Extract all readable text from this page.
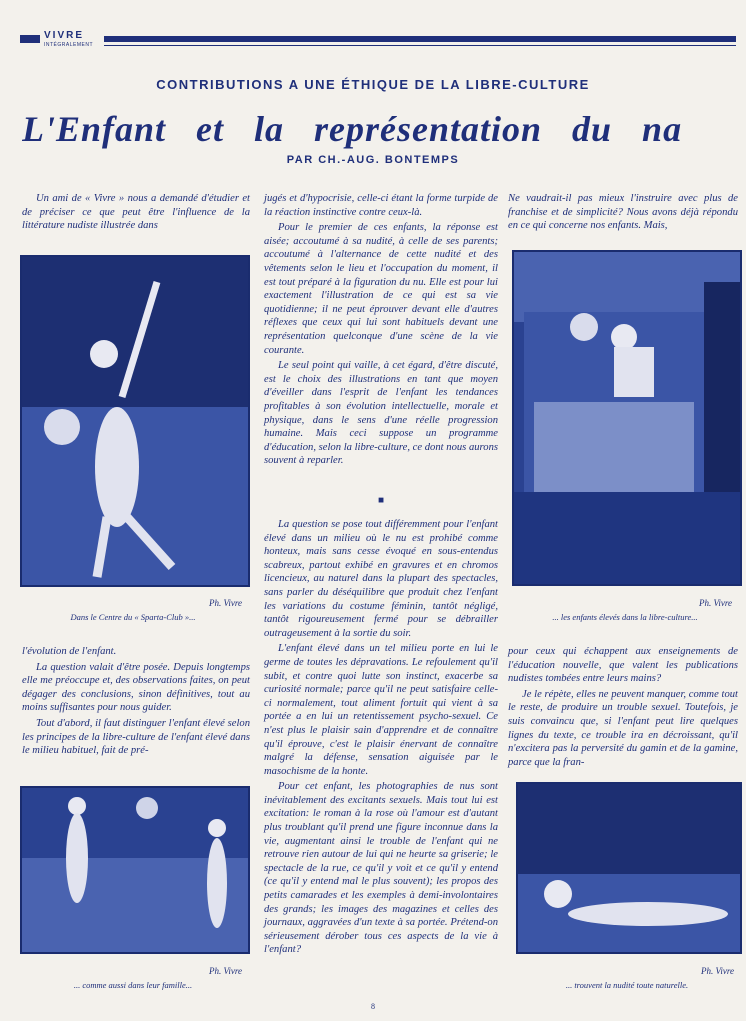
VIVRE
INTÉGRALEMENT
CONTRIBUTIONS A UNE ÉTHIQUE DE LA LIBRE-CULTURE
L'Enfant et la représentation du na
PAR CH.-AUG. BONTEMPS

Un ami de « Vivre » nous a demandé d'étudier et de préciser ce que peut être l'influence de la littérature nudiste illustrée dans

Ph. Vivre
Dans le Centre du « Sparta-Club »...

l'évolution de l'enfant.

La question valait d'être posée. Depuis longtemps elle me préoccupe et, des observations faites, on peut dégager des conclusions, sinon définitives, tout au moins suffisantes pour nous guider.

Tout d'abord, il faut distinguer l'enfant élevé selon les principes de la libre-culture de l'enfant élevé dans le milieu habituel, fait de pré-

Ph. Vivre
... comme aussi dans leur famille...

jugés et d'hypocrisie, celle-ci étant la forme turpide de la réaction instinctive contre ceux-là.

Pour le premier de ces enfants, la réponse est aisée; accoutumé à sa nudité, à celle de ses parents; accoutumé à l'alternance de cette nudité et des vêtements selon le lieu et l'occupation du moment, il est tout préparé à la figuration du nu. Elle est pour lui exactement l'illustration de ce qui est sa vie quotidienne; il ne peut éprouver devant elle d'autres réflexes que ceux qui lui sont habituels devant une représentation quelconque d'une scène de la vie courante.

Le seul point qui vaille, à cet égard, d'être discuté, est le choix des illustrations en tant que moyen d'éveiller dans l'esprit de l'enfant les tendances profitables à son évolution intellectuelle, morale et physique, dans le sens d'une réelle progression humaine. Mais ceci suppose un programme d'éducation, selon la libre-culture, ce dont nous aurons souvent à reparler.

■

La question se pose tout différemment pour l'enfant élevé dans un milieu où le nu est prohibé comme honteux, mais sans cesse évoqué en sous-entendus scabreux, partout exhibé en gravures et en chromos licencieux, au naturel dans la plupart des spectacles, sans parler du déséquilibre que produit chez l'enfant les variations du costume féminin, tantôt négligé, tantôt rigoureusement fermé pour se débrailler outrageusement à la sortie du soir.

L'enfant élevé dans un tel milieu porte en lui le germe de toutes les dépravations. Le refoulement qu'il subit, et contre quoi lutte son instinct, exacerbe sa curiosité normale; parce qu'il ne peut satisfaire celle-ci normalement, tout aliment fortuit qui vient à sa portée a en lui un retentissement psycho-sexuel. Ce n'est plus le plaisir sain d'apprendre et de connaître qu'il éprouve, c'est le plaisir énervant de connaître malgré la défense, sensation aiguisée par le masochisme de la honte.

Pour cet enfant, les photographies de nus sont inévitablement des excitants sexuels. Mais tout lui est excitation: le roman à la rose où l'amour est d'autant plus troublant qu'il prend une figure inconnue dans la vie, augmentant ainsi le trouble de l'enfant qui ne retrouve rien autour de lui qui ne heurte sa griserie; le spectacle de la rue, ce qu'il y voit et ce qu'il y entend (ce qu'il y entend mal le plus souvent); les propos des petits camarades et les exemples à demi-involontaires des grands; les images des magazines et celles des journaux, aggravées d'un texte à sa portée. Prétend-on sérieusement dérober tous ces aspects de la vie à l'enfant?

Ne vaudrait-il pas mieux l'instruire avec plus de franchise et de simplicité? Nous avons déjà répondu en ce qui concerne nos enfants. Mais,

Ph. Vivre
... les enfants élevés dans la libre-culture...

pour ceux qui échappent aux enseignements de l'éducation nouvelle, que valent les publications nudistes tombées entre leurs mains?

Je le répète, elles ne peuvent manquer, comme tout le reste, de produire un trouble sexuel. Toutefois, je suis convaincu que, si l'enfant peut lire quelques lignes du texte, ce trouble ira en décroissant, qu'il n'excitera pas la perversité du gamin et de la gamine, parce que la fran-

Ph. Vivre
... trouvent la nudité toute naturelle.
8
